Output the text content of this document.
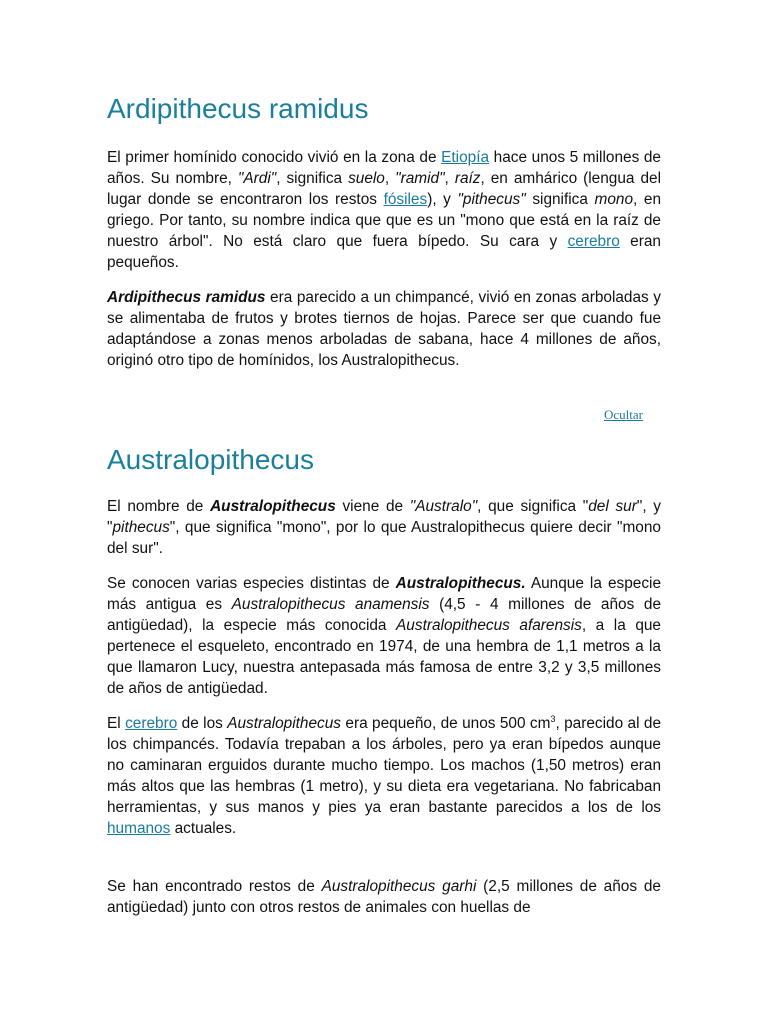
Ardipithecus ramidus

El primer homínido conocido vivió en la zona de Etiopía hace unos 5 millones de años. Su nombre, "Ardi", significa suelo, "ramid", raíz, en amhárico (lengua del lugar donde se encontraron los restos fósiles), y "pithecus" significa mono, en griego. Por tanto, su nombre indica que que es un "mono que está en la raíz de nuestro árbol". No está claro que fuera bípedo. Su cara y cerebro eran pequeños.

Ardipithecus ramidus era parecido a un chimpancé, vivió en zonas arboladas y se alimentaba de frutos y brotes tiernos de hojas. Parece ser que cuando fue adaptándose a zonas menos arboladas de sabana, hace 4 millones de años, originó otro tipo de homínidos, los Australopithecus.

Ocultar
Australopithecus

El nombre de Australopithecus viene de "Australo", que significa "del sur", y "pithecus", que significa "mono", por lo que Australopithecus quiere decir "mono del sur".

Se conocen varias especies distintas de Australopithecus. Aunque la especie más antigua es Australopithecus anamensis (4,5 - 4 millones de años de antigüedad), la especie más conocida Australopithecus afarensis, a la que pertenece el esqueleto, encontrado en 1974, de una hembra de 1,1 metros a la que llamaron Lucy, nuestra antepasada más famosa de entre 3,2 y 3,5 millones de años de antigüedad.

El cerebro de los Australopithecus era pequeño, de unos 500 $cm^3$, parecido al de los chimpancés. Todavía trepaban a los árboles, pero ya eran bípedos aunque no caminaran erguidos durante mucho tiempo. Los machos (1,50 metros) eran más altos que las hembras (1 metro), y su dieta era vegetariana. No fabricaban herramientas, y sus manos y pies ya eran bastante parecidos a los de los humanos actuales.

Se han encontrado restos de Australopithecus garhi (2,5 millones de años de antigüedad) junto con otros restos de animales con huellas de
